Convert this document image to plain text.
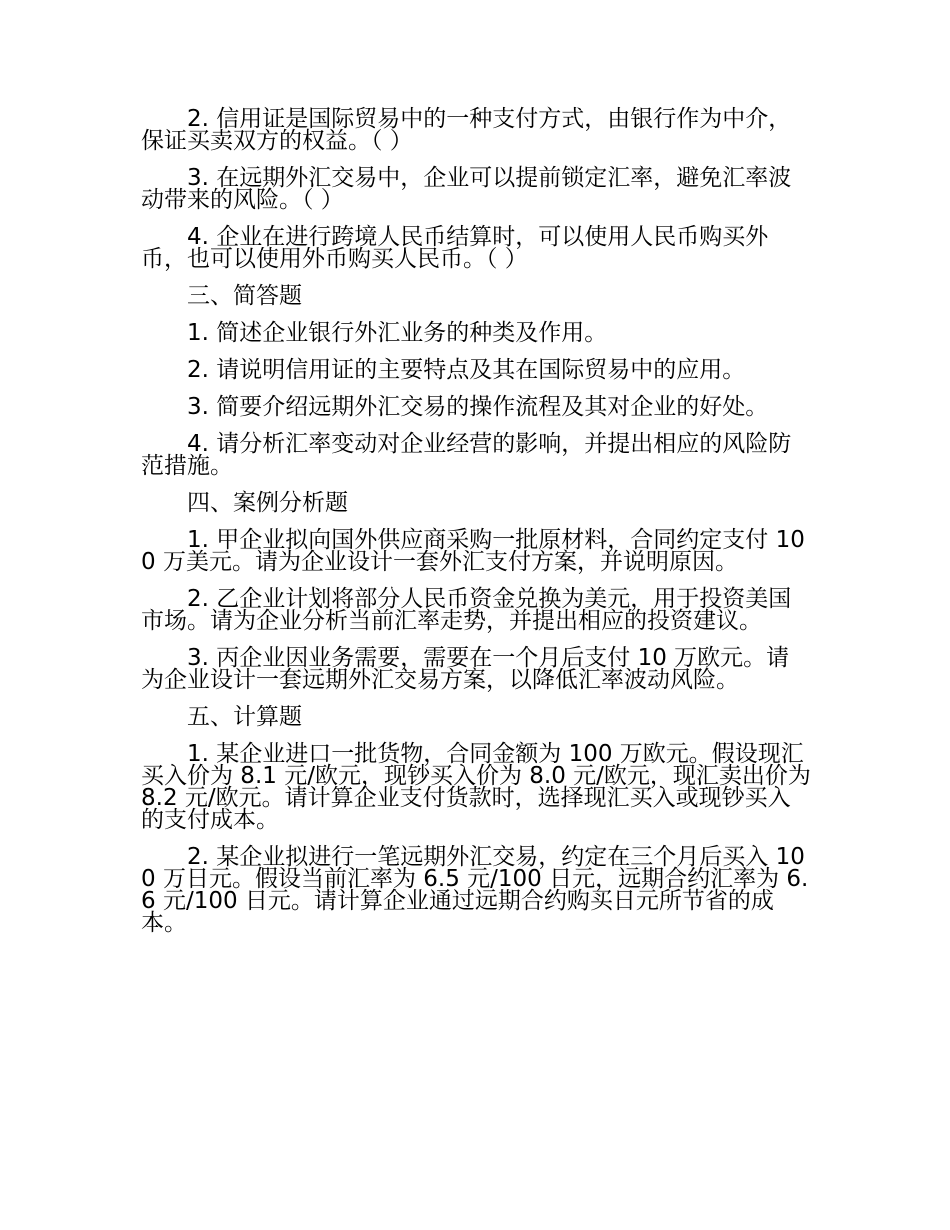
2. 信用证是国际贸易中的一种支付方式，由银行作为中介，保证买卖双方的权益。（ ）

3. 在远期外汇交易中，企业可以提前锁定汇率，避免汇率波动带来的风险。（ ）

4. 企业在进行跨境人民币结算时，可以使用人民币购买外币，也可以使用外币购买人民币。（ ）

三、简答题

1. 简述企业银行外汇业务的种类及作用。

2. 请说明信用证的主要特点及其在国际贸易中的应用。

3. 简要介绍远期外汇交易的操作流程及其对企业的好处。

4. 请分析汇率变动对企业经营的影响，并提出相应的风险防范措施。

四、案例分析题

1. 甲企业拟向国外供应商采购一批原材料，合同约定支付 100 万美元。请为企业设计一套外汇支付方案，并说明原因。

2. 乙企业计划将部分人民币资金兑换为美元，用于投资美国市场。请为企业分析当前汇率走势，并提出相应的投资建议。

3. 丙企业因业务需要，需要在一个月后支付 10 万欧元。请为企业设计一套远期外汇交易方案，以降低汇率波动风险。

五、计算题

1. 某企业进口一批货物，合同金额为 100 万欧元。假设现汇买入价为 8.1 元/欧元，现钞买入价为 8.0 元/欧元，现汇卖出价为 8.2 元/欧元。请计算企业支付货款时，选择现汇买入或现钞买入的支付成本。

2. 某企业拟进行一笔远期外汇交易，约定在三个月后买入 100 万日元。假设当前汇率为 6.5 元/100 日元，远期合约汇率为 6.6 元/100 日元。请计算企业通过远期合约购买日元所节省的成本。
